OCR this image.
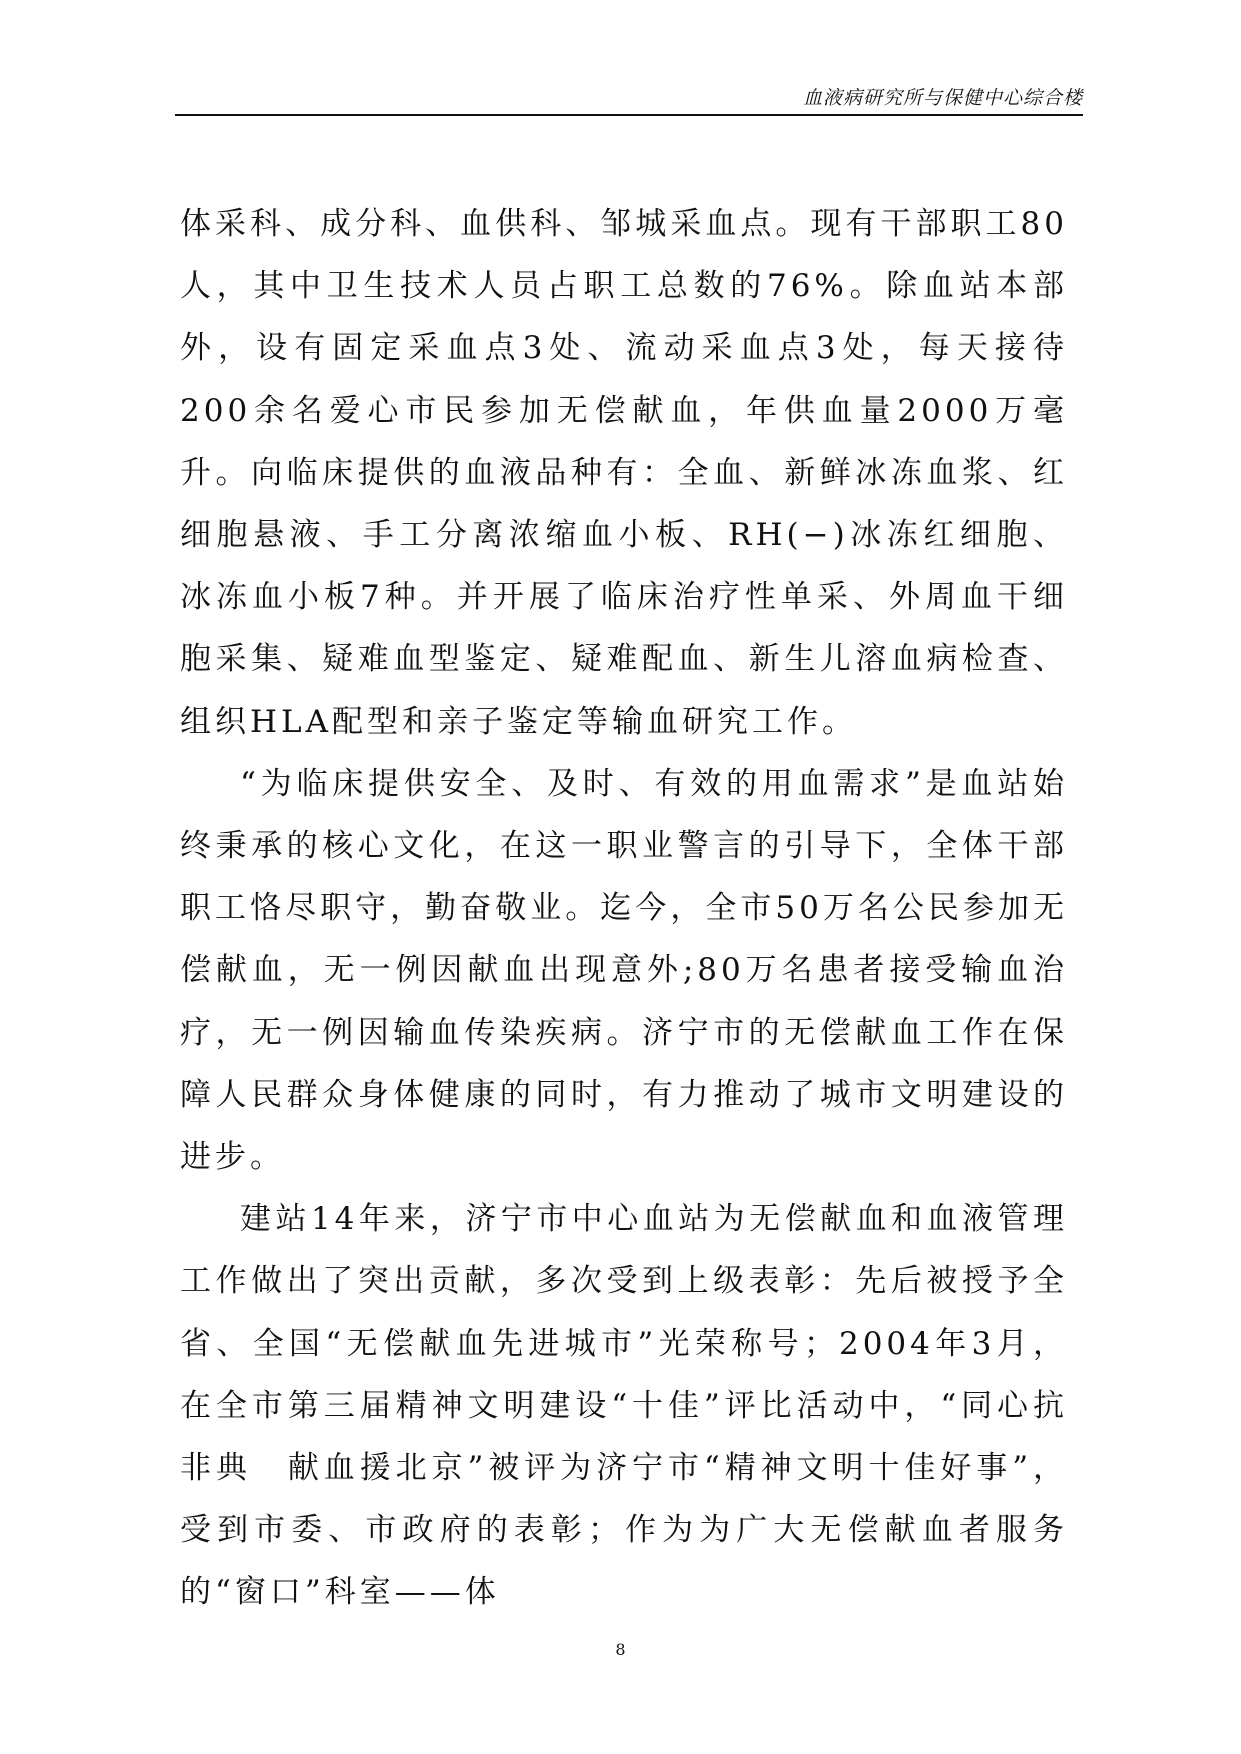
血液病研究所与保健中心综合楼

体采科、成分科、血供科、邹城采血点。现有干部职工80人，其中卫生技术人员占职工总数的76%。除血站本部外，设有固定采血点3处、流动采血点3处，每天接待200余名爱心市民参加无偿献血，年供血量2000万毫升。向临床提供的血液品种有：全血、新鲜冰冻血浆、红细胞悬液、手工分离浓缩血小板、RH(−)冰冻红细胞、冰冻血小板7种。并开展了临床治疗性单采、外周血干细胞采集、疑难血型鉴定、疑难配血、新生儿溶血病检查、组织HLA配型和亲子鉴定等输血研究工作。

“为临床提供安全、及时、有效的用血需求”是血站始终秉承的核心文化，在这一职业警言的引导下，全体干部职工恪尽职守，勤奋敬业。迄今，全市50万名公民参加无偿献血，无一例因献血出现意外;80万名患者接受输血治疗，无一例因输血传染疾病。济宁市的无偿献血工作在保障人民群众身体健康的同时，有力推动了城市文明建设的进步。

建站14年来，济宁市中心血站为无偿献血和血液管理工作做出了突出贡献，多次受到上级表彰：先后被授予全省、全国“无偿献血先进城市”光荣称号；2004年3月，在全市第三届精神文明建设“十佳”评比活动中，“同心抗非典　献血援北京”被评为济宁市“精神文明十佳好事”，受到市委、市政府的表彰；作为为广大无偿献血者服务的“窗口”科室——体

8
